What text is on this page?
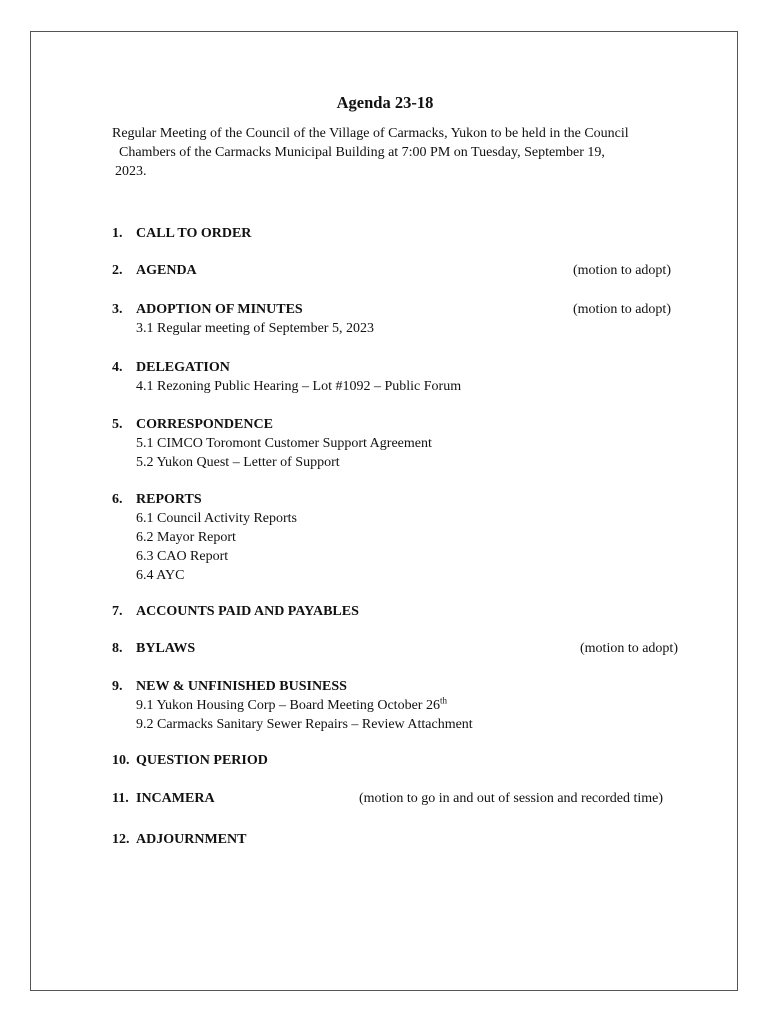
Agenda 23-18

Regular Meeting of the Council of the Village of Carmacks, Yukon to be held in the Council
Chambers of the Carmacks Municipal Building at 7:00 PM on Tuesday, September 19,
2023.

1. CALL TO ORDER
2. AGENDA	(motion to adopt)
3. ADOPTION OF MINUTES	(motion to adopt)
3.1 Regular meeting of September 5, 2023
4. DELEGATION
4.1 Rezoning Public Hearing – Lot #1092 – Public Forum
5. CORRESPONDENCE
5.1 CIMCO Toromont Customer Support Agreement
5.2 Yukon Quest – Letter of Support
6. REPORTS
6.1 Council Activity Reports
6.2 Mayor Report
6.3 CAO Report
6.4 AYC
7. ACCOUNTS PAID AND PAYABLES
8. BYLAWS	(motion to adopt)
9. NEW & UNFINISHED BUSINESS
9.1 Yukon Housing Corp – Board Meeting October 26th
9.2 Carmacks Sanitary Sewer Repairs – Review Attachment
10. QUESTION PERIOD
11. INCAMERA	(motion to go in and out of session and recorded time)
12. ADJOURNMENT
